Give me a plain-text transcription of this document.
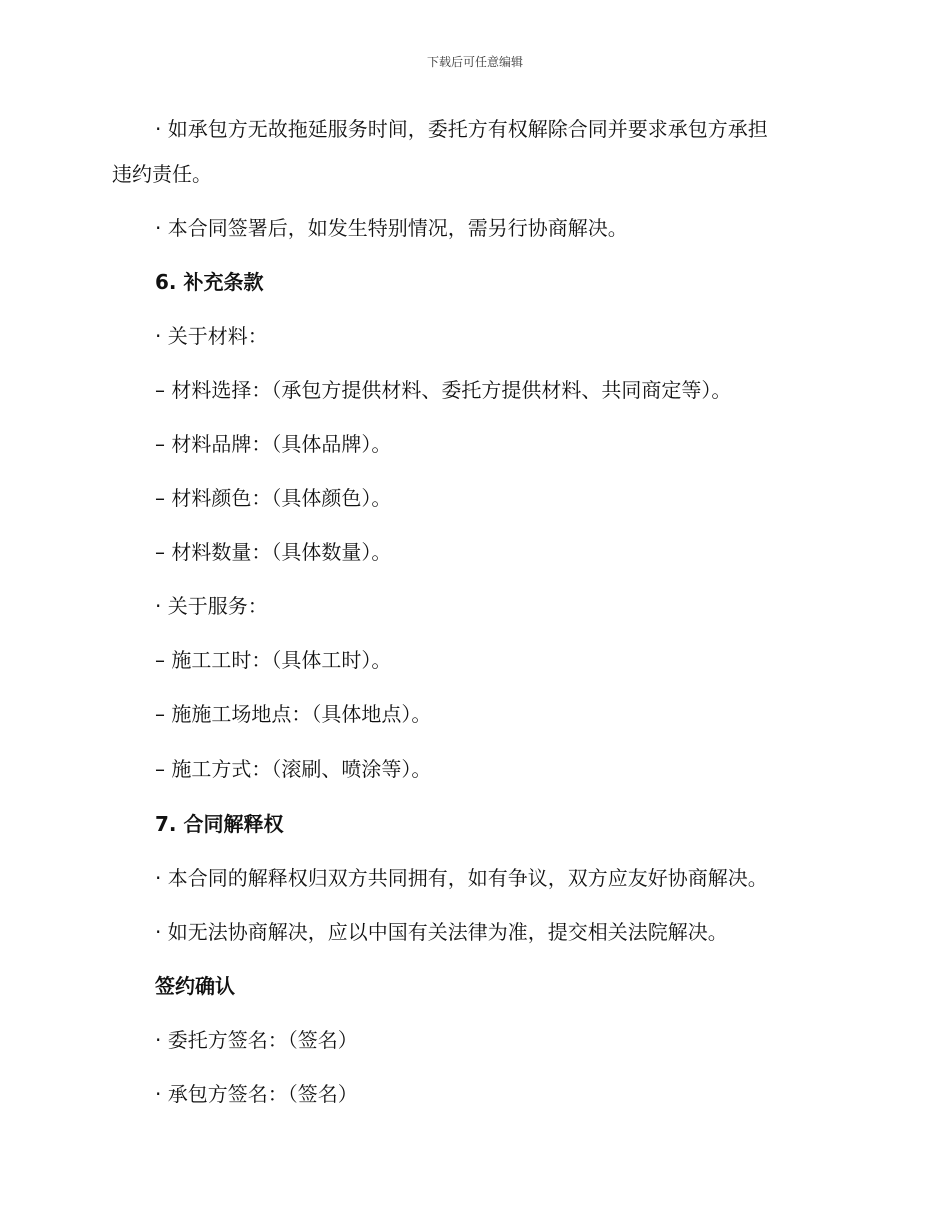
下载后可任意编辑
· 如承包方无故拖延服务时间，委托方有权解除合同并要求承包方承担
违约责任。
· 本合同签署后，如发生特别情况，需另行协商解决。
6. 补充条款
· 关于材料：
– 材料选择：（承包方提供材料、委托方提供材料、共同商定等）。
– 材料品牌：（具体品牌）。
– 材料颜色：（具体颜色）。
– 材料数量：（具体数量）。
· 关于服务：
– 施工工时：（具体工时）。
– 施施工场地点：（具体地点）。
– 施工方式：（滚刷、喷涂等）。
7. 合同解释权
· 本合同的解释权归双方共同拥有，如有争议，双方应友好协商解决。
· 如无法协商解决，应以中国有关法律为准，提交相关法院解决。
签约确认
· 委托方签名：（签名）
· 承包方签名：（签名）
